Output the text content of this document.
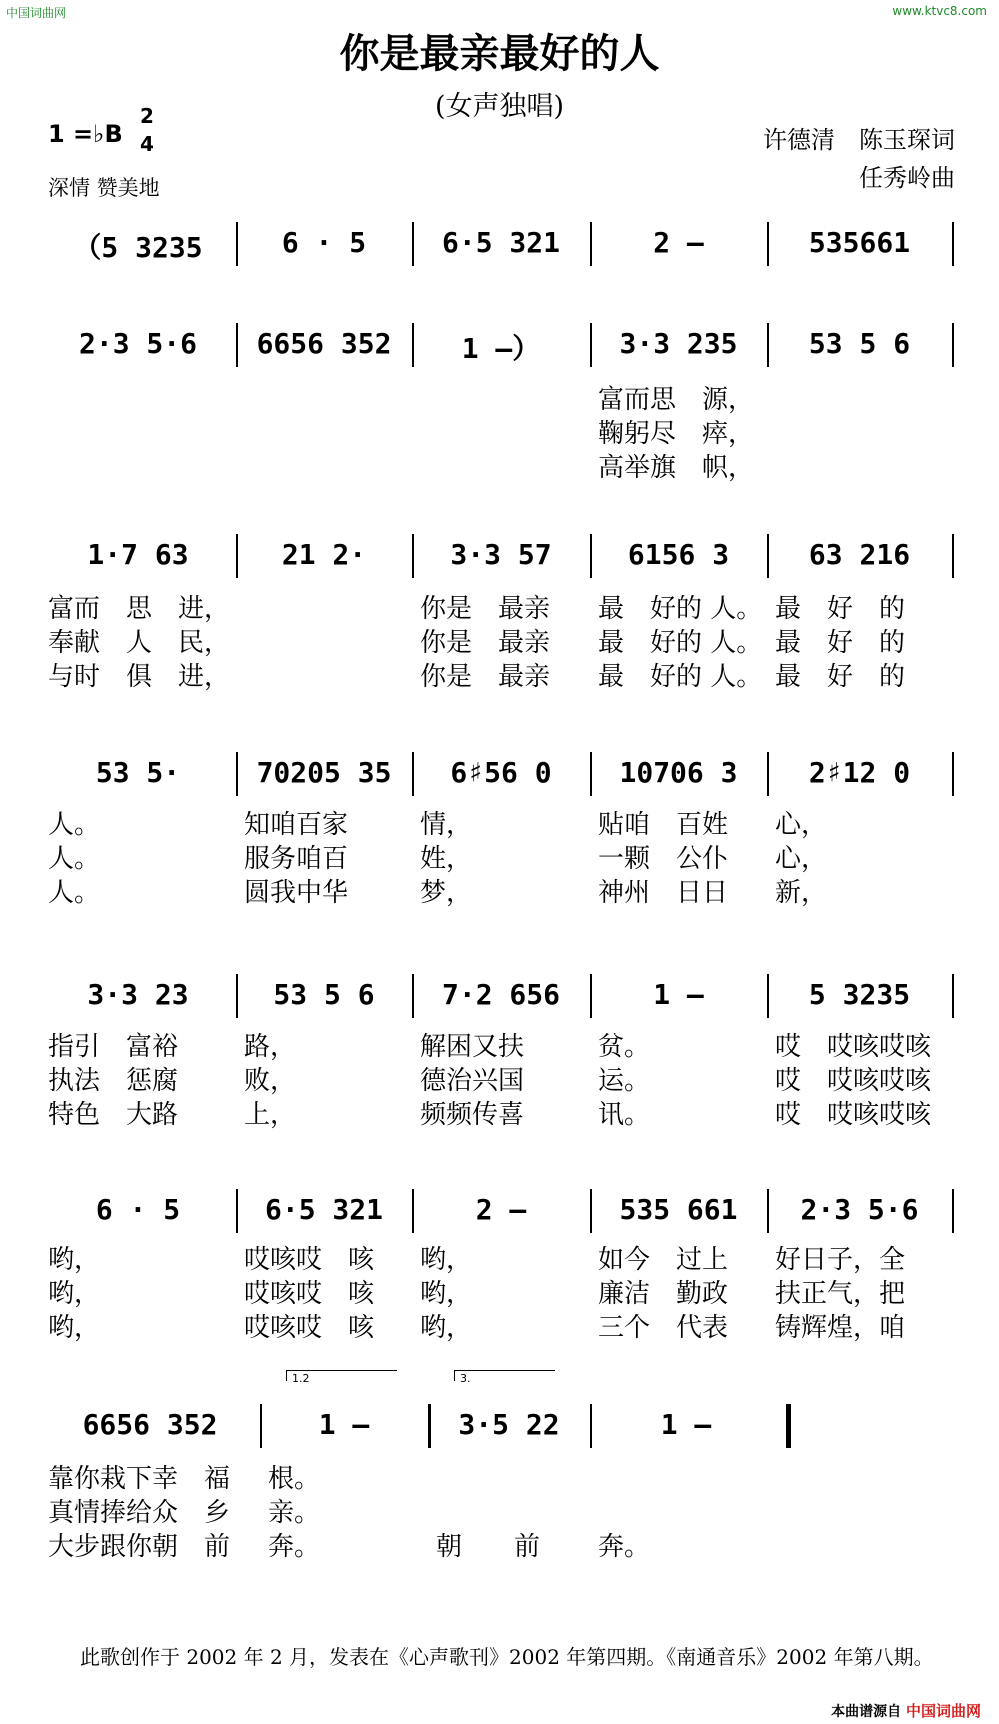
中国词曲网	www.ktvc8.com
你是最亲最好的人
(女声独唱)
1 =♭B
2
4
深情 赞美地
许德清　陈玉琛词
任秀岭曲
（5 3235	6 · 5	6·5 321	2 –	535661
2·3 5·6	6656 352	1 –）	3·3 235	53 5 6
富而思　源，
鞠躬尽　瘁，
高举旗　帜，
1·7 63	21 2·	3·3 57	6156 3	63 216
富而　思　进，	你是　最亲 最　好的 人。 最　好　的
奉献　人　民，	你是　最亲 最　好的 人。 最　好　的
与时　俱　进，	你是　最亲 最　好的 人。 最　好　的
53 5·	70205 35	6♯56 0	10706 3	2♯12 0
人。	知咱百家	情，	贴咱　百姓 心，
人。	服务咱百	姓，	一颗　公仆 心，
人。	圆我中华	梦，	神州　日日 新，
3·3 23	53 5 6	7·2 656	1 –	5 3235
指引　富裕	路，	解困又扶	贫。	哎　哎咳哎咳
执法　惩腐	败，	德治兴国	运。	哎　哎咳哎咳
特色　大路	上，	频频传喜	讯。	哎　哎咳哎咳
6 · 5	6·5 321	2 –	535 661	2·3 5·6
哟，	哎咳哎　咳 哟，	如今　过上 好日子，全
哟，	哎咳哎　咳 哟，	廉洁　勤政 扶正气，把
哟，	哎咳哎　咳 哟，	三个　代表 铸辉煌，咱
6656 352	1 –	3·5 22	1 –
1.2	3.
靠你栽下幸　福 根。
真情捧给众　乡 亲。
大步跟你朝　前 奔。	朝　　前 奔。
此歌创作于 2002 年 2 月，发表在《心声歌刊》2002 年第四期。《南通音乐》2002 年第八期。
本曲谱源自 中国词曲网
